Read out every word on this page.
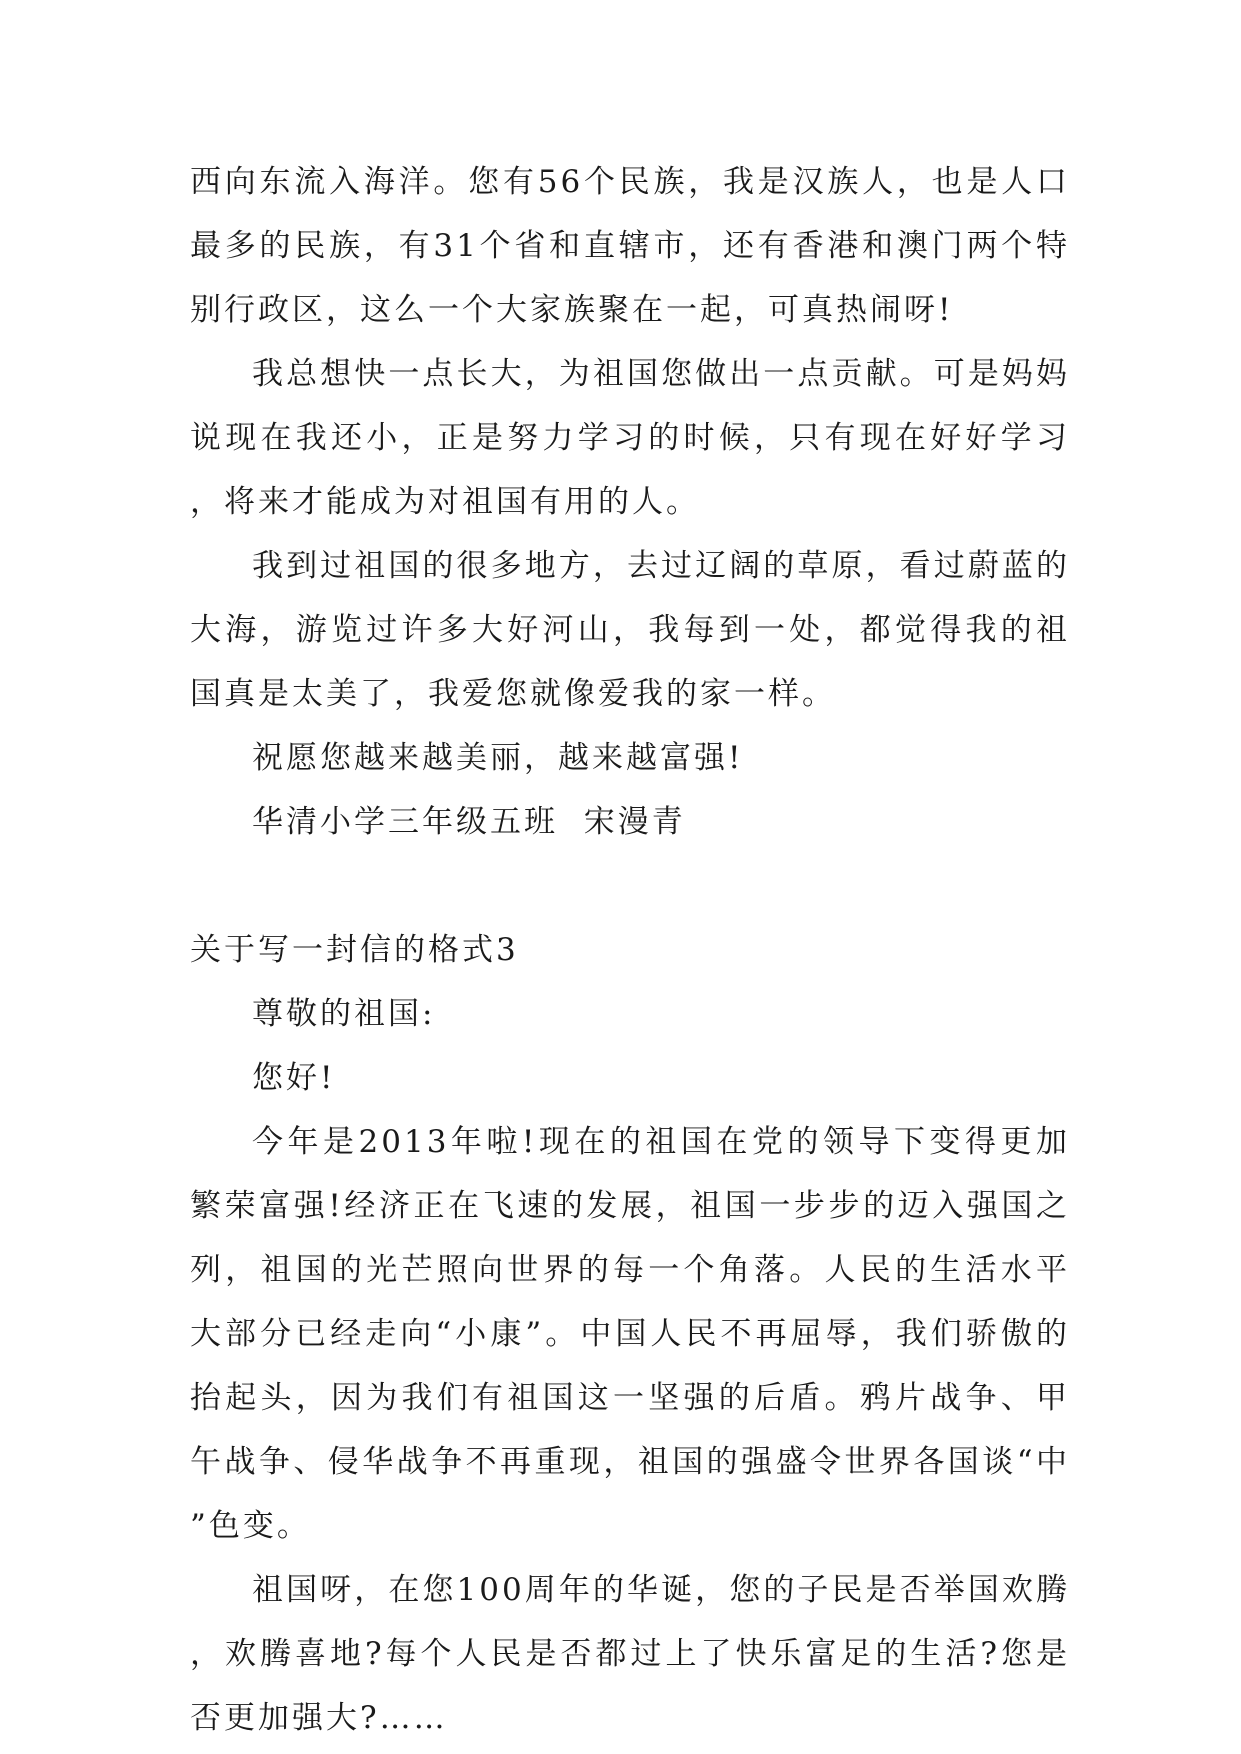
西向东流入海洋。您有56个民族，我是汉族人，也是人口最多的民族，有31个省和直辖市，还有香港和澳门两个特别行政区，这么一个大家族聚在一起，可真热闹呀!

我总想快一点长大，为祖国您做出一点贡献。可是妈妈说现在我还小，正是努力学习的时候，只有现在好好学习，将来才能成为对祖国有用的人。

我到过祖国的很多地方，去过辽阔的草原，看过蔚蓝的大海，游览过许多大好河山，我每到一处，都觉得我的祖国真是太美了，我爱您就像爱我的家一样。

祝愿您越来越美丽，越来越富强!

华清小学三年级五班  宋漫青

关于写一封信的格式3

尊敬的祖国:

您好!

今年是2013年啦!现在的祖国在党的领导下变得更加繁荣富强!经济正在飞速的发展，祖国一步步的迈入强国之列，祖国的光芒照向世界的每一个角落。人民的生活水平大部分已经走向“小康”。中国人民不再屈辱，我们骄傲的抬起头，因为我们有祖国这一坚强的后盾。鸦片战争、甲午战争、侵华战争不再重现，祖国的强盛令世界各国谈“中”色变。

祖国呀，在您100周年的华诞，您的子民是否举国欢腾，欢腾喜地?每个人民是否都过上了快乐富足的生活?您是否更加强大?……
